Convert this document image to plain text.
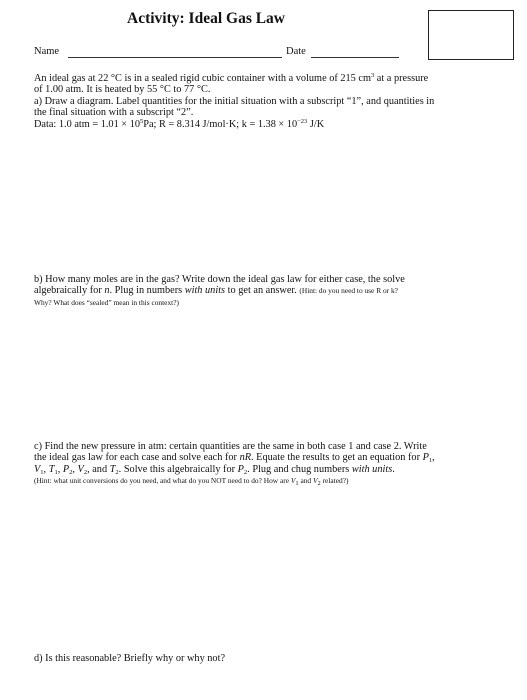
Activity: Ideal Gas Law
Name	Date
An ideal gas at 22 °C is in a sealed rigid cubic container with a volume of 215 $cm^3$ at a pressure
of 1.00 atm. It is heated by 55 °C to 77 °C.
a) Draw a diagram. Label quantities for the initial situation with a subscript “1”, and quantities in
the final situation with a subscript “2”.
Data: 1.0 atm = $1.01 \times 10^5Pa$; R = 8.314 J/mol·K; $k = 1.38 \times 10^{-23}$ J/K
b) How many moles are in the gas? Write down the ideal gas law for either case, the solve
algebraically for n. Plug in numbers with units to get an answer. (Hint: do you need to use R or k?
Why? What does “sealed” mean in this context?)
c) Find the new pressure in atm: certain quantities are the same in both case 1 and case 2. Write
the ideal gas law for each case and solve each for nR. Equate the results to get an equation for $P_1$,
$V_1$, $T_1$, $P_2$, $V_2$, and $T_2$. Solve this algebraically for $P_2$. Plug and chug numbers with units.
(Hint: what unit conversions do you need, and what do you NOT need to do? How are $V_1$ and $V_2$ related?)
d) Is this reasonable? Briefly why or why not?
